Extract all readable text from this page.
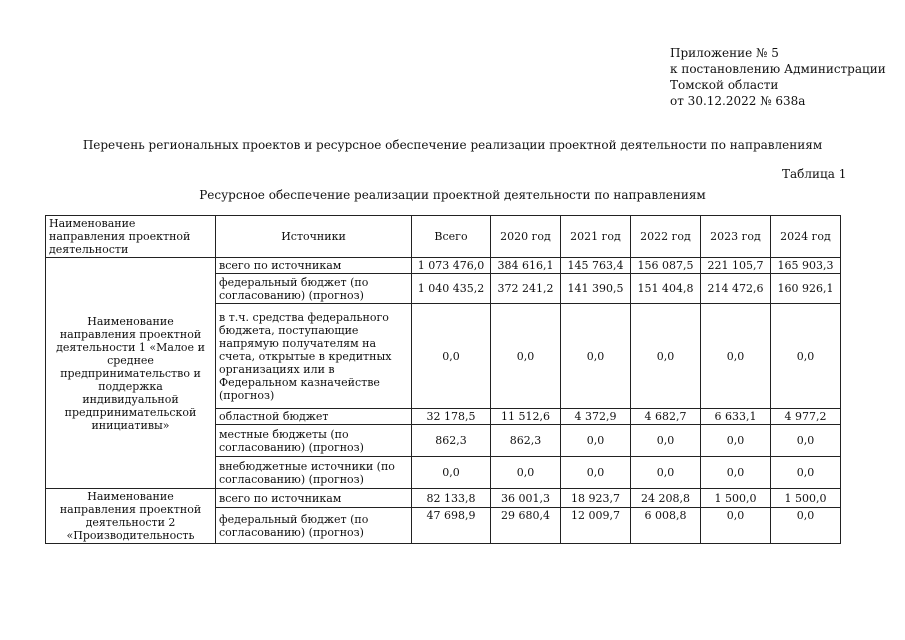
Приложение № 5
к постановлению Администрации
Томской области
от 30.12.2022 № 638а
Перечень региональных проектов и ресурсное обеспечение реализации проектной деятельности по направлениям
Таблица 1
Ресурсное обеспечение реализации проектной деятельности по направлениям
Наименование направления проектной деятельности	Источники	Всего	2020 год	2021 год	2022 год	2023 год	2024 год
Наименование направления проектной деятельности 1 «Малое и среднее предпринимательство и поддержка индивидуальной предпринимательской инициативы»	всего по источникам	1 073 476,0	384 616,1	145 763,4	156 087,5	221 105,7	165 903,3
	федеральный бюджет (по согласованию) (прогноз)	1 040 435,2	372 241,2	141 390,5	151 404,8	214 472,6	160 926,1
	в т.ч. средства федерального бюджета, поступающие напрямую получателям на счета, открытые в кредитных организациях или в Федеральном казначействе (прогноз)	0,0	0,0	0,0	0,0	0,0	0,0
	областной бюджет	32 178,5	11 512,6	4 372,9	4 682,7	6 633,1	4 977,2
	местные бюджеты (по согласованию) (прогноз)	862,3	862,3	0,0	0,0	0,0	0,0
	внебюджетные источники (по согласованию) (прогноз)	0,0	0,0	0,0	0,0	0,0	0,0
Наименование направления проектной деятельности 2 «Производительность	всего по источникам	82 133,8	36 001,3	18 923,7	24 208,8	1 500,0	1 500,0
	федеральный бюджет (по согласованию) (прогноз)	47 698,9	29 680,4	12 009,7	6 008,8	0,0	0,0
